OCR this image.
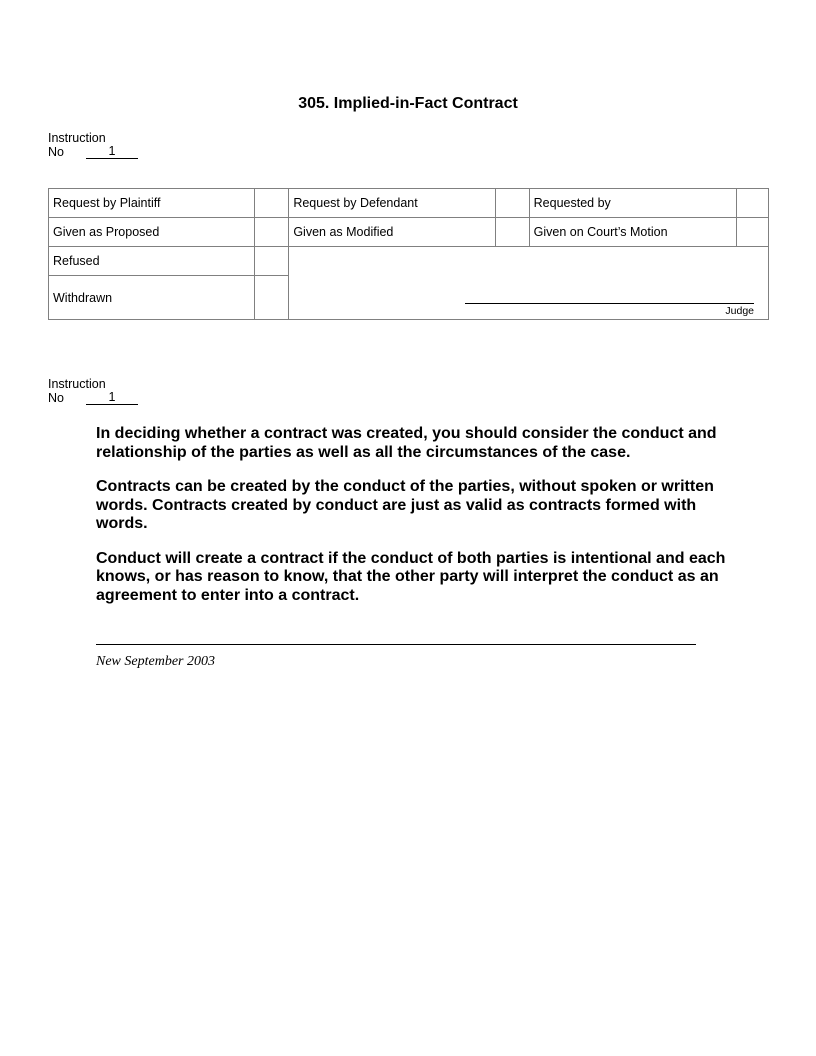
305. Implied-in-Fact Contract
Instruction
No	1
Request by Plaintiff		Request by Defendant		Requested by	
Given as Proposed		Given as Modified		Given on Court’s Motion	
Refused		Judge			

Withdrawn					
Instruction
No	1

In deciding whether a contract was created, you should consider the conduct and relationship of the parties as well as all the circumstances of the case.

Contracts can be created by the conduct of the parties, without spoken or written words. Contracts created by conduct are just as valid as contracts formed with words.

Conduct will create a contract if the conduct of both parties is intentional and each knows, or has reason to know, that the other party will interpret the conduct as an agreement to enter into a contract.

New September 2003
